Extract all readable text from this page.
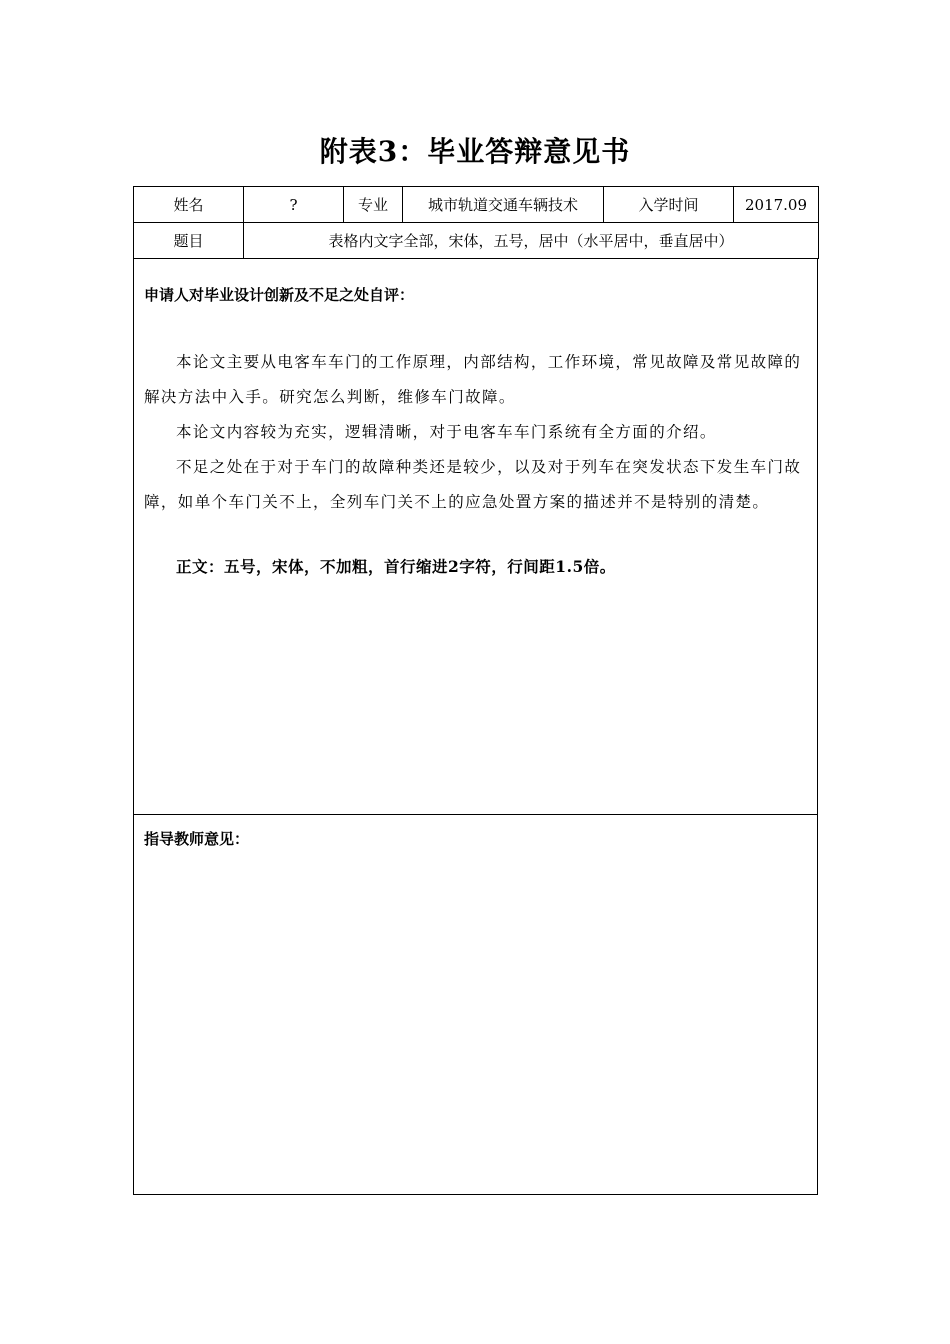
附表3：毕业答辩意见书
姓名	?	专业	城市轨道交通车辆技术	入学时间	2017.09
题目	表格内文字全部，宋体，五号，居中（水平居中，垂直居中）				
申请人对毕业设计创新及不足之处自评：
本论文主要从电客车车门的工作原理，内部结构，工作环境，常见故障及常见故障的
解决方法中入手。研究怎么判断，维修车门故障。
本论文内容较为充实，逻辑清晰，对于电客车车门系统有全方面的介绍。
不足之处在于对于车门的故障种类还是较少，以及对于列车在突发状态下发生车门故
障，如单个车门关不上，全列车门关不上的应急处置方案的描述并不是特别的清楚。
正文：五号，宋体，不加粗，首行缩进2字符，行间距1.5倍。
指导教师意见：
